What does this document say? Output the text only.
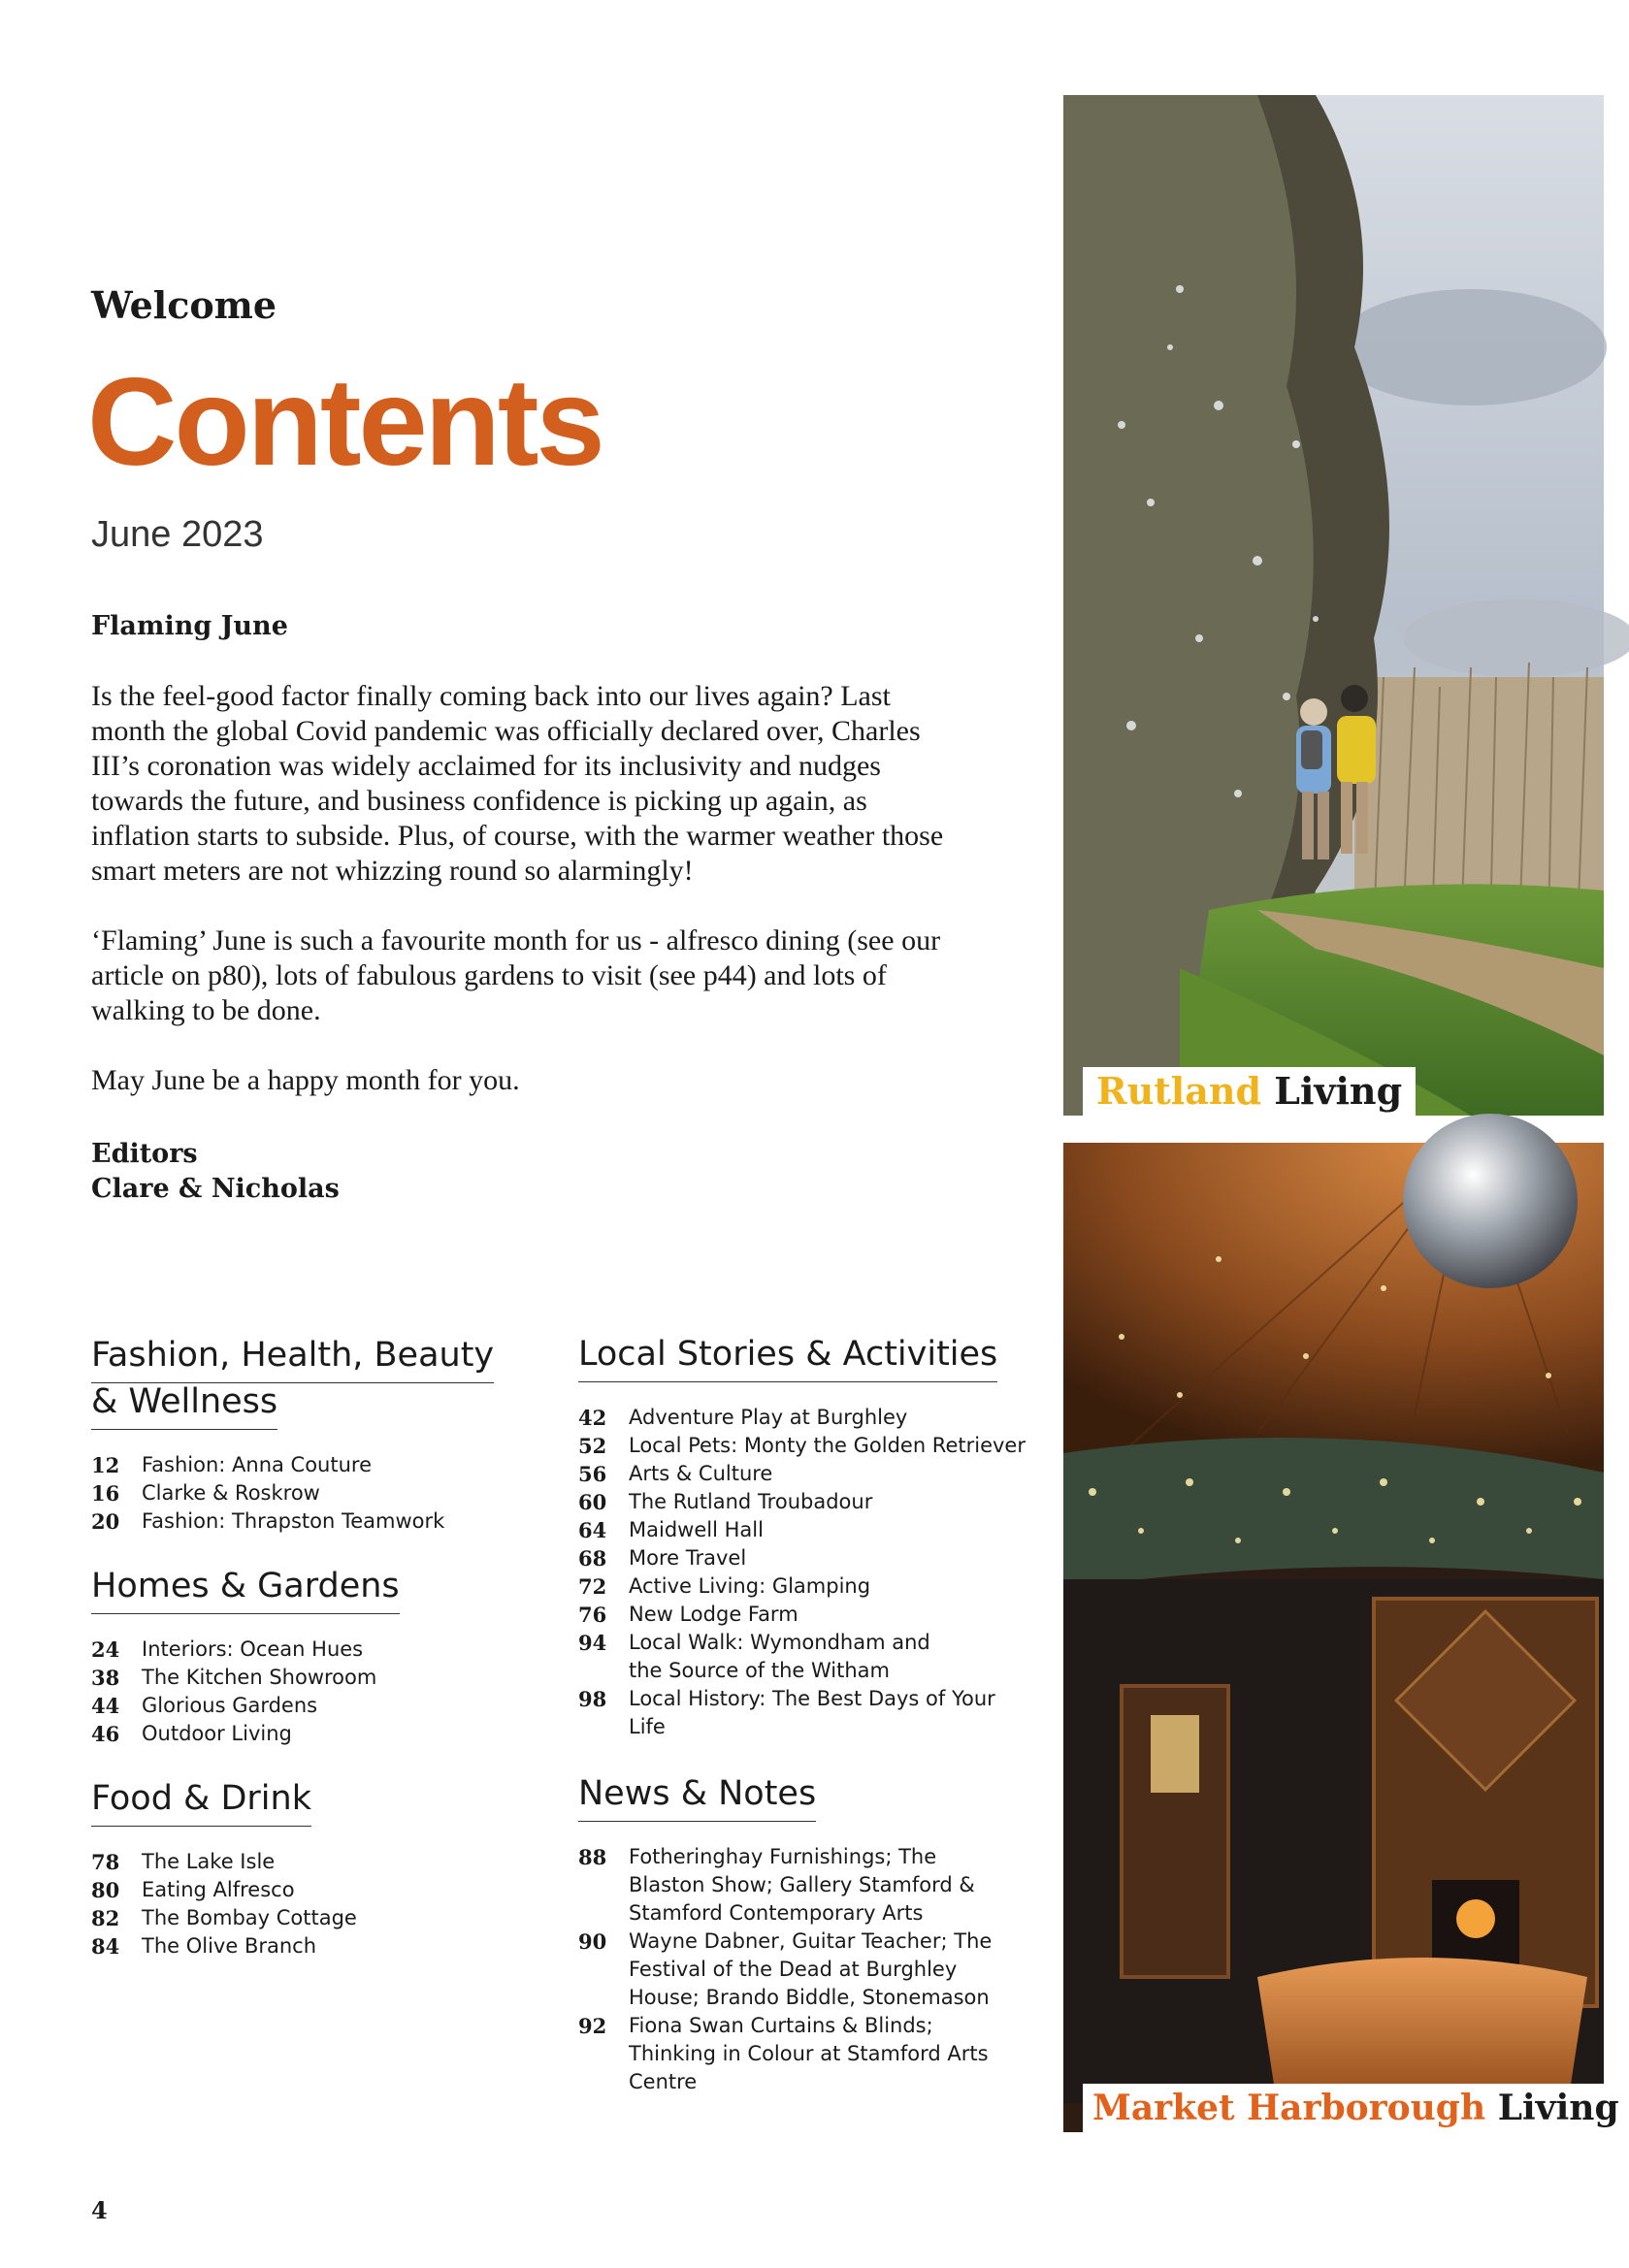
Welcome
Contents
June 2023
Flaming June

Is the feel-good factor finally coming back into our lives again? Last month the global Covid pandemic was officially declared over, Charles III’s coronation was widely acclaimed for its inclusivity and nudges towards the future, and business confidence is picking up again, as inflation starts to subside. Plus, of course, with the warmer weather those smart meters are not whizzing round so alarmingly!

‘Flaming’ June is such a favourite month for us - alfresco dining (see our article on p80), lots of fabulous gardens to visit (see p44) and lots of walking to be done.

May June be a happy month for you.

Editors
Clare & Nicholas
Fashion, Health, Beauty
& Wellness
12	Fashion: Anna Couture
16	Clarke & Roskrow
20	Fashion: Thrapston Teamwork
Homes & Gardens
24	Interiors: Ocean Hues
38	The Kitchen Showroom
44	Glorious Gardens
46	Outdoor Living
Food & Drink
78	The Lake Isle
80	Eating Alfresco
82	The Bombay Cottage
84	The Olive Branch
Local Stories & Activities
42	Adventure Play at Burghley
52	Local Pets: Monty the Golden Retriever
56	Arts & Culture
60	The Rutland Troubadour
64	Maidwell Hall
68	More Travel
72	Active Living: Glamping
76	New Lodge Farm
94	Local Walk: Wymondham and the Source of the Witham
98	Local History: The Best Days of Your Life
News & Notes
88	Fotheringhay Furnishings; The Blaston Show; Gallery Stamford & Stamford Contemporary Arts
90	Wayne Dabner, Guitar Teacher; The Festival of the Dead at Burghley House; Brando Biddle, Stonemason
92	Fiona Swan Curtains & Blinds; Thinking in Colour at Stamford Arts Centre
Rutland Living
Market Harborough Living
4
